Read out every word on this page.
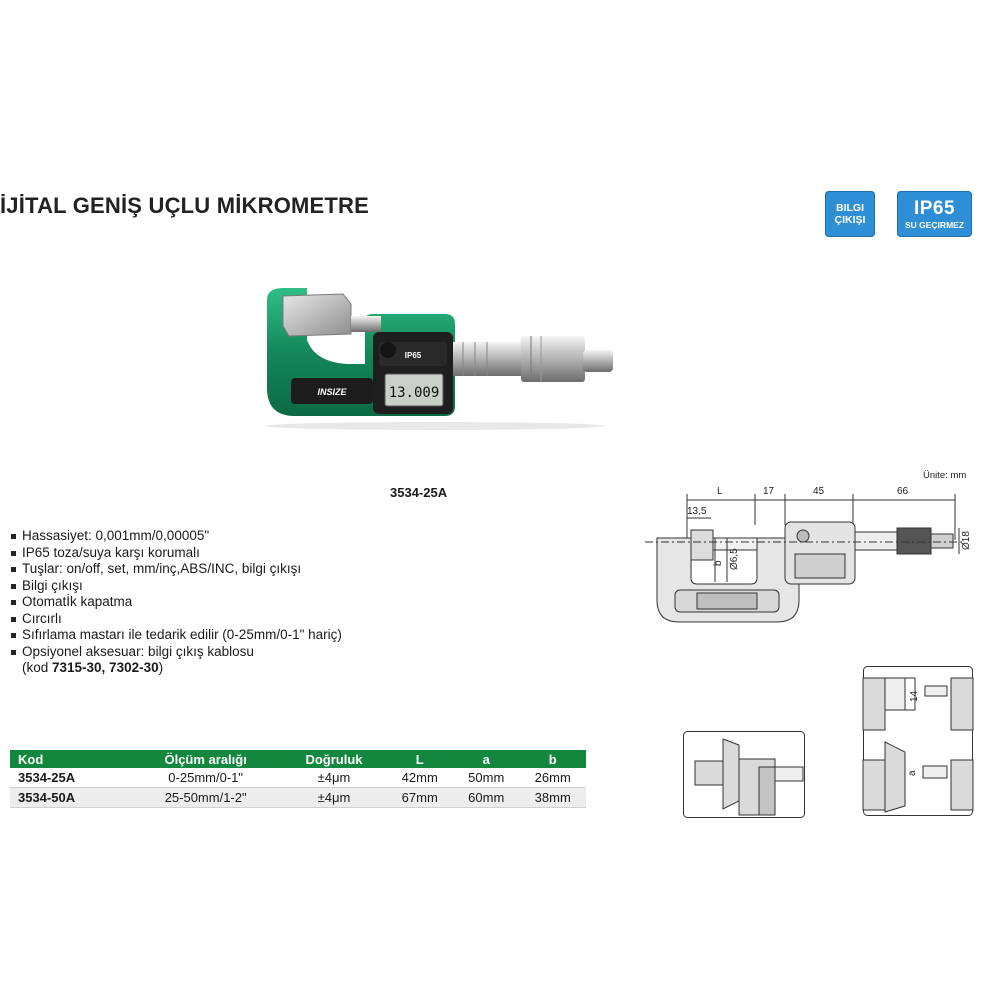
İJİTAL GENİŞ UÇLU MİKROMETRE	BILGI
ÇIKIŞI
IP65
SU GEÇIRMEZ
INSIZE
IP65
13.009
3534-25A
Ünite: mm
Hassasiyet: 0,001mm/0,00005"
IP65 toza/suya karşı korumalı
Tuşlar: on/off, set, mm/inç,ABS/INC, bilgi çıkışı
Bilgi çıkışı
Otomatİk kapatma
Cırcırlı
Sıfırlama mastarı ile tedarik edilir (0-25mm/0-1" hariç)
Opsiyonel aksesuar: bilgi çıkış kablosu
(kod 7315-30, 7302-30)
Kod	Ölçüm aralığı	Doğruluk	L	a	b
3534-25A	0-25mm/0-1"	±4μm	42mm	50mm	26mm
3534-50A	25-50mm/1-2"	±4μm	67mm	60mm	38mm
L	17	45	66
13,5
b Ø6,5
Ø18
14
a
